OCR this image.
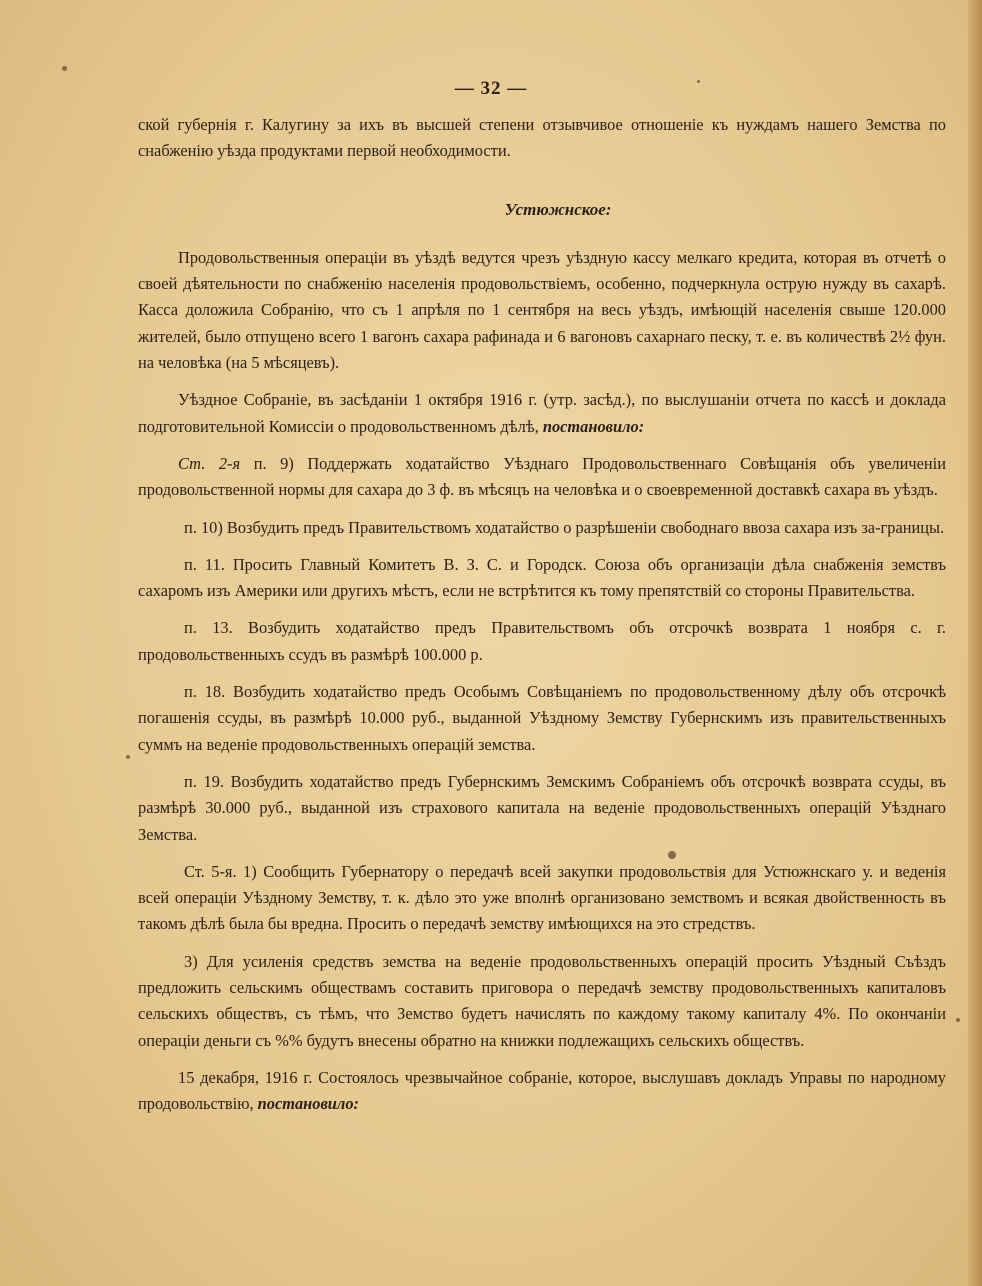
— 32 —

ской губернія г. Калугину за ихъ въ высшей степени отзывчивое отношеніе къ нуждамъ нашего Земства по снабженію уѣзда продуктами первой необходимости.

Устюжнское:

Продовольственныя операціи въ уѣздѣ ведутся чрезъ уѣздную кассу мелкаго кредита, которая въ отчетѣ о своей дѣятельности по снабженію населенія продовольствіемъ, особенно, подчеркнула острую нужду въ сахарѣ. Касса доложила Собранію, что съ 1 апрѣля по 1 сентября на весь уѣздъ, имѣющій населенія свыше 120.000 жителей, было отпущено всего 1 вагонъ сахара рафинада и 6 вагоновъ сахарнаго песку, т. е. въ количествѣ 2½ фун. на человѣка (на 5 мѣсяцевъ).

Уѣздное Собраніе, въ засѣданіи 1 октября 1916 г. (утр. засѣд.), по выслушаніи отчета по кассѣ и доклада подготовительной Комиссіи о продовольственномъ дѣлѣ, постановило:

Ст. 2-я п. 9) Поддержать ходатайство Уѣзднаго Продовольственнаго Совѣщанія объ увеличеніи продовольственной нормы для сахара до 3 ф. въ мѣсяцъ на человѣка и о своевременной доставкѣ сахара въ уѣздъ.

п. 10) Возбудить предъ Правительствомъ ходатайство о разрѣшеніи свободнаго ввоза сахара изъ за-границы.

п. 11. Просить Главный Комитетъ В. З. С. и Городск. Союза объ организаціи дѣла снабженія земствъ сахаромъ изъ Америки или другихъ мѣстъ, если не встрѣтится къ тому препятствій со стороны Правительства.

п. 13. Возбудить ходатайство предъ Правительствомъ объ отсрочкѣ возврата 1 ноября с. г. продовольственныхъ ссудъ въ размѣрѣ 100.000 р.

п. 18. Возбудить ходатайство предъ Особымъ Совѣщаніемъ по продовольственному дѣлу объ отсрочкѣ погашенія ссуды, въ размѣрѣ 10.000 руб., выданной Уѣздному Земству Губернскимъ изъ правительственныхъ суммъ на веденіе продовольственныхъ операцій земства.

п. 19. Возбудить ходатайство предъ Губернскимъ Земскимъ Собраніемъ объ отсрочкѣ возврата ссуды, въ размѣрѣ 30.000 руб., выданной изъ страхового капитала на веденіе продовольственныхъ операцій Уѣзднаго Земства.

Ст. 5-я. 1) Сообщить Губернатору о передачѣ всей закупки продовольствія для Устюжнскаго у. и веденія всей операціи Уѣздному Земству, т. к. дѣло это уже вполнѣ организовано земствомъ и всякая двойственность въ такомъ дѣлѣ была бы вредна. Просить о передачѣ земству имѣющихся на это стредствъ.

3) Для усиленія средствъ земства на веденіе продовольственныхъ операцій просить Уѣздный Съѣздъ предложить сельскимъ обществамъ составить приговора о передачѣ земству продовольственныхъ капиталовъ сельскихъ обществъ, съ тѣмъ, что Земство будетъ начислять по каждому такому капиталу 4%. По окончаніи операціи деньги съ %% будутъ внесены обратно на книжки подлежащихъ сельскихъ обществъ.

15 декабря, 1916 г. Состоялось чрезвычайное собраніе, которое, выслушавъ докладъ Управы по народному продовольствію, постановило:
